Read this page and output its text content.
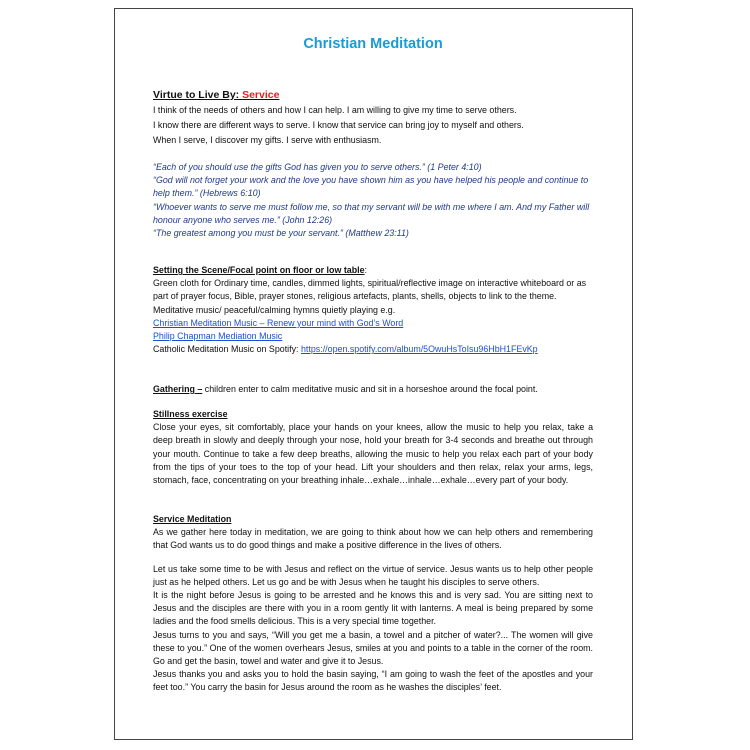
Christian Meditation
Virtue to Live By: Service

I think of the needs of others and how I can help. I am willing to give my time to serve others.

I know there are different ways to serve. I know that service can bring joy to myself and others.

When I serve, I discover my gifts. I serve with enthusiasm.

“Each of you should use the gifts God has given you to serve others.” (1 Peter 4:10)

“God will not forget your work and the love you have shown him as you have helped his people and continue to help them.” (Hebrews 6:10)

“Whoever wants to serve me must follow me, so that my servant will be with me where I am. And my Father will honour anyone who serves me.” (John 12:26)

“The greatest among you must be your servant.” (Matthew 23:11)

Setting the Scene/Focal point on floor or low table:

Green cloth for Ordinary time, candles, dimmed lights, spiritual/reflective image on interactive whiteboard or as part of prayer focus, Bible, prayer stones, religious artefacts, plants, shells, objects to link to the theme.

Meditative music/ peaceful/calming hymns quietly playing e.g.

Christian Meditation Music – Renew your mind with God’s Word

Philip Chapman Mediation Music

Catholic Meditation Music on Spotify: https://open.spotify.com/album/5OwuHsToIsu96HbH1FEvKp

Gathering – children enter to calm meditative music and sit in a horseshoe around the focal point.

Stillness exercise

Close your eyes, sit comfortably, place your hands on your knees, allow the music to help you relax, take a deep breath in slowly and deeply through your nose, hold your breath for 3-4 seconds and breathe out through your mouth. Continue to take a few deep breaths, allowing the music to help you relax each part of your body from the tips of your toes to the top of your head. Lift your shoulders and then relax, relax your arms, legs, stomach, face, concentrating on your breathing inhale…exhale…inhale…exhale…every part of your body.

Service Meditation

As we gather here today in meditation, we are going to think about how we can help others and remembering that God wants us to do good things and make a positive difference in the lives of others.

Let us take some time to be with Jesus and reflect on the virtue of service. Jesus wants us to help other people just as he helped others. Let us go and be with Jesus when he taught his disciples to serve others.

It is the night before Jesus is going to be arrested and he knows this and is very sad. You are sitting next to Jesus and the disciples are there with you in a room gently lit with lanterns. A meal is being prepared by some ladies and the food smells delicious. This is a very special time together.

Jesus turns to you and says, “Will you get me a basin, a towel and a pitcher of water?... The women will give these to you.” One of the women overhears Jesus, smiles at you and points to a table in the corner of the room. Go and get the basin, towel and water and give it to Jesus.

Jesus thanks you and asks you to hold the basin saying, “I am going to wash the feet of the apostles and your feet too.” You carry the basin for Jesus around the room as he washes the disciples’ feet.
